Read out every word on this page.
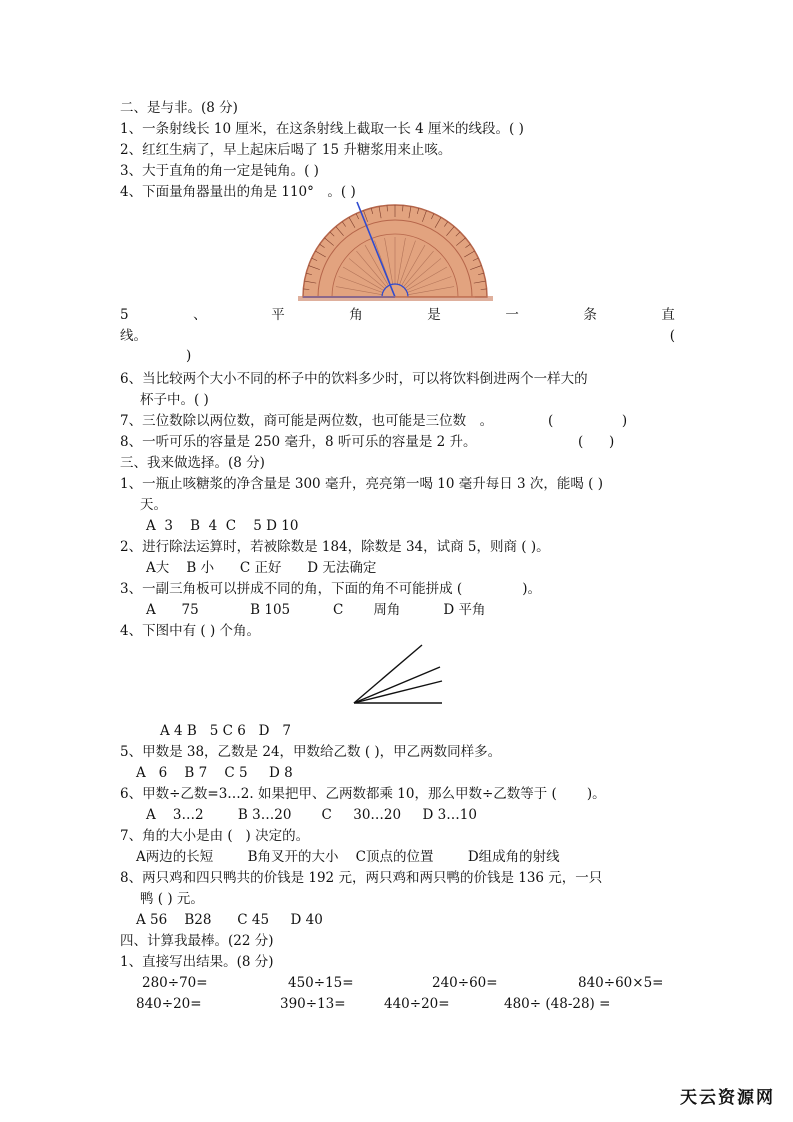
二、是与非。(8 分)
1、一条射线长 10 厘米，在这条射线上截取一长 4 厘米的线段。( )
2、红红生病了，早上起床后喝了 15 升糖浆用来止咳。
3、大于直角的角一定是钝角。( )
4、下面量角器量出的角是 110°　。( )
5	、	平	角	是	一	条	直
线。	(
)
6、当比较两个大小不同的杯子中的饮料多少时，可以将饮料倒进两个一样大的
杯子中。( )
7、三位数除以两位数，商可能是两位数，也可能是三位数　。	(                )
8、一听可乐的容量是 250 毫升，8 听可乐的容量是 2 升。	(      )
三、我来做选择。(8 分)
1、一瓶止咳糖浆的净含量是 300 毫升，亮亮第一喝 10 毫升每日 3 次，能喝 ( )
天。
A  3    B  4  C    5 D 10
2、进行除法运算时，若被除数是 184，除数是 34，试商 5，则商 ( )。
A大    B 小      C 正好      D 无法确定
3、一副三角板可以拼成不同的角，下面的角不可能拼成 (              )。
A      75            B 105          C       周角          D 平角
4、下图中有 ( ) 个角。
A 4 B   5 C 6   D   7
5、甲数是 38，乙数是 24，甲数给乙数 ( )，甲乙两数同样多。
A   6    B 7    C 5     D 8
6、甲数÷乙数=3…2. 如果把甲、乙两数都乘 10，那么甲数÷乙数等于 (       )。
A    3…2        B 3…20       C     30…20     D 3…10
7、角的大小是由 (   ) 决定的。
A两边的长短        B角叉开的大小    C顶点的位置        D组成角的射线
8、两只鸡和四只鸭共的价钱是 192 元，两只鸡和两只鸭的价钱是 136 元，一只
鸭 ( ) 元。
A 56    B28      C 45     D 40
四、计算我最棒。(22 分)
1、直接写出结果。(8 分)
280÷70=	450÷15=	240÷60=	840÷60×5=
840÷20=	390÷13=	440÷20=	480÷ (48-28) =
天云资源网
